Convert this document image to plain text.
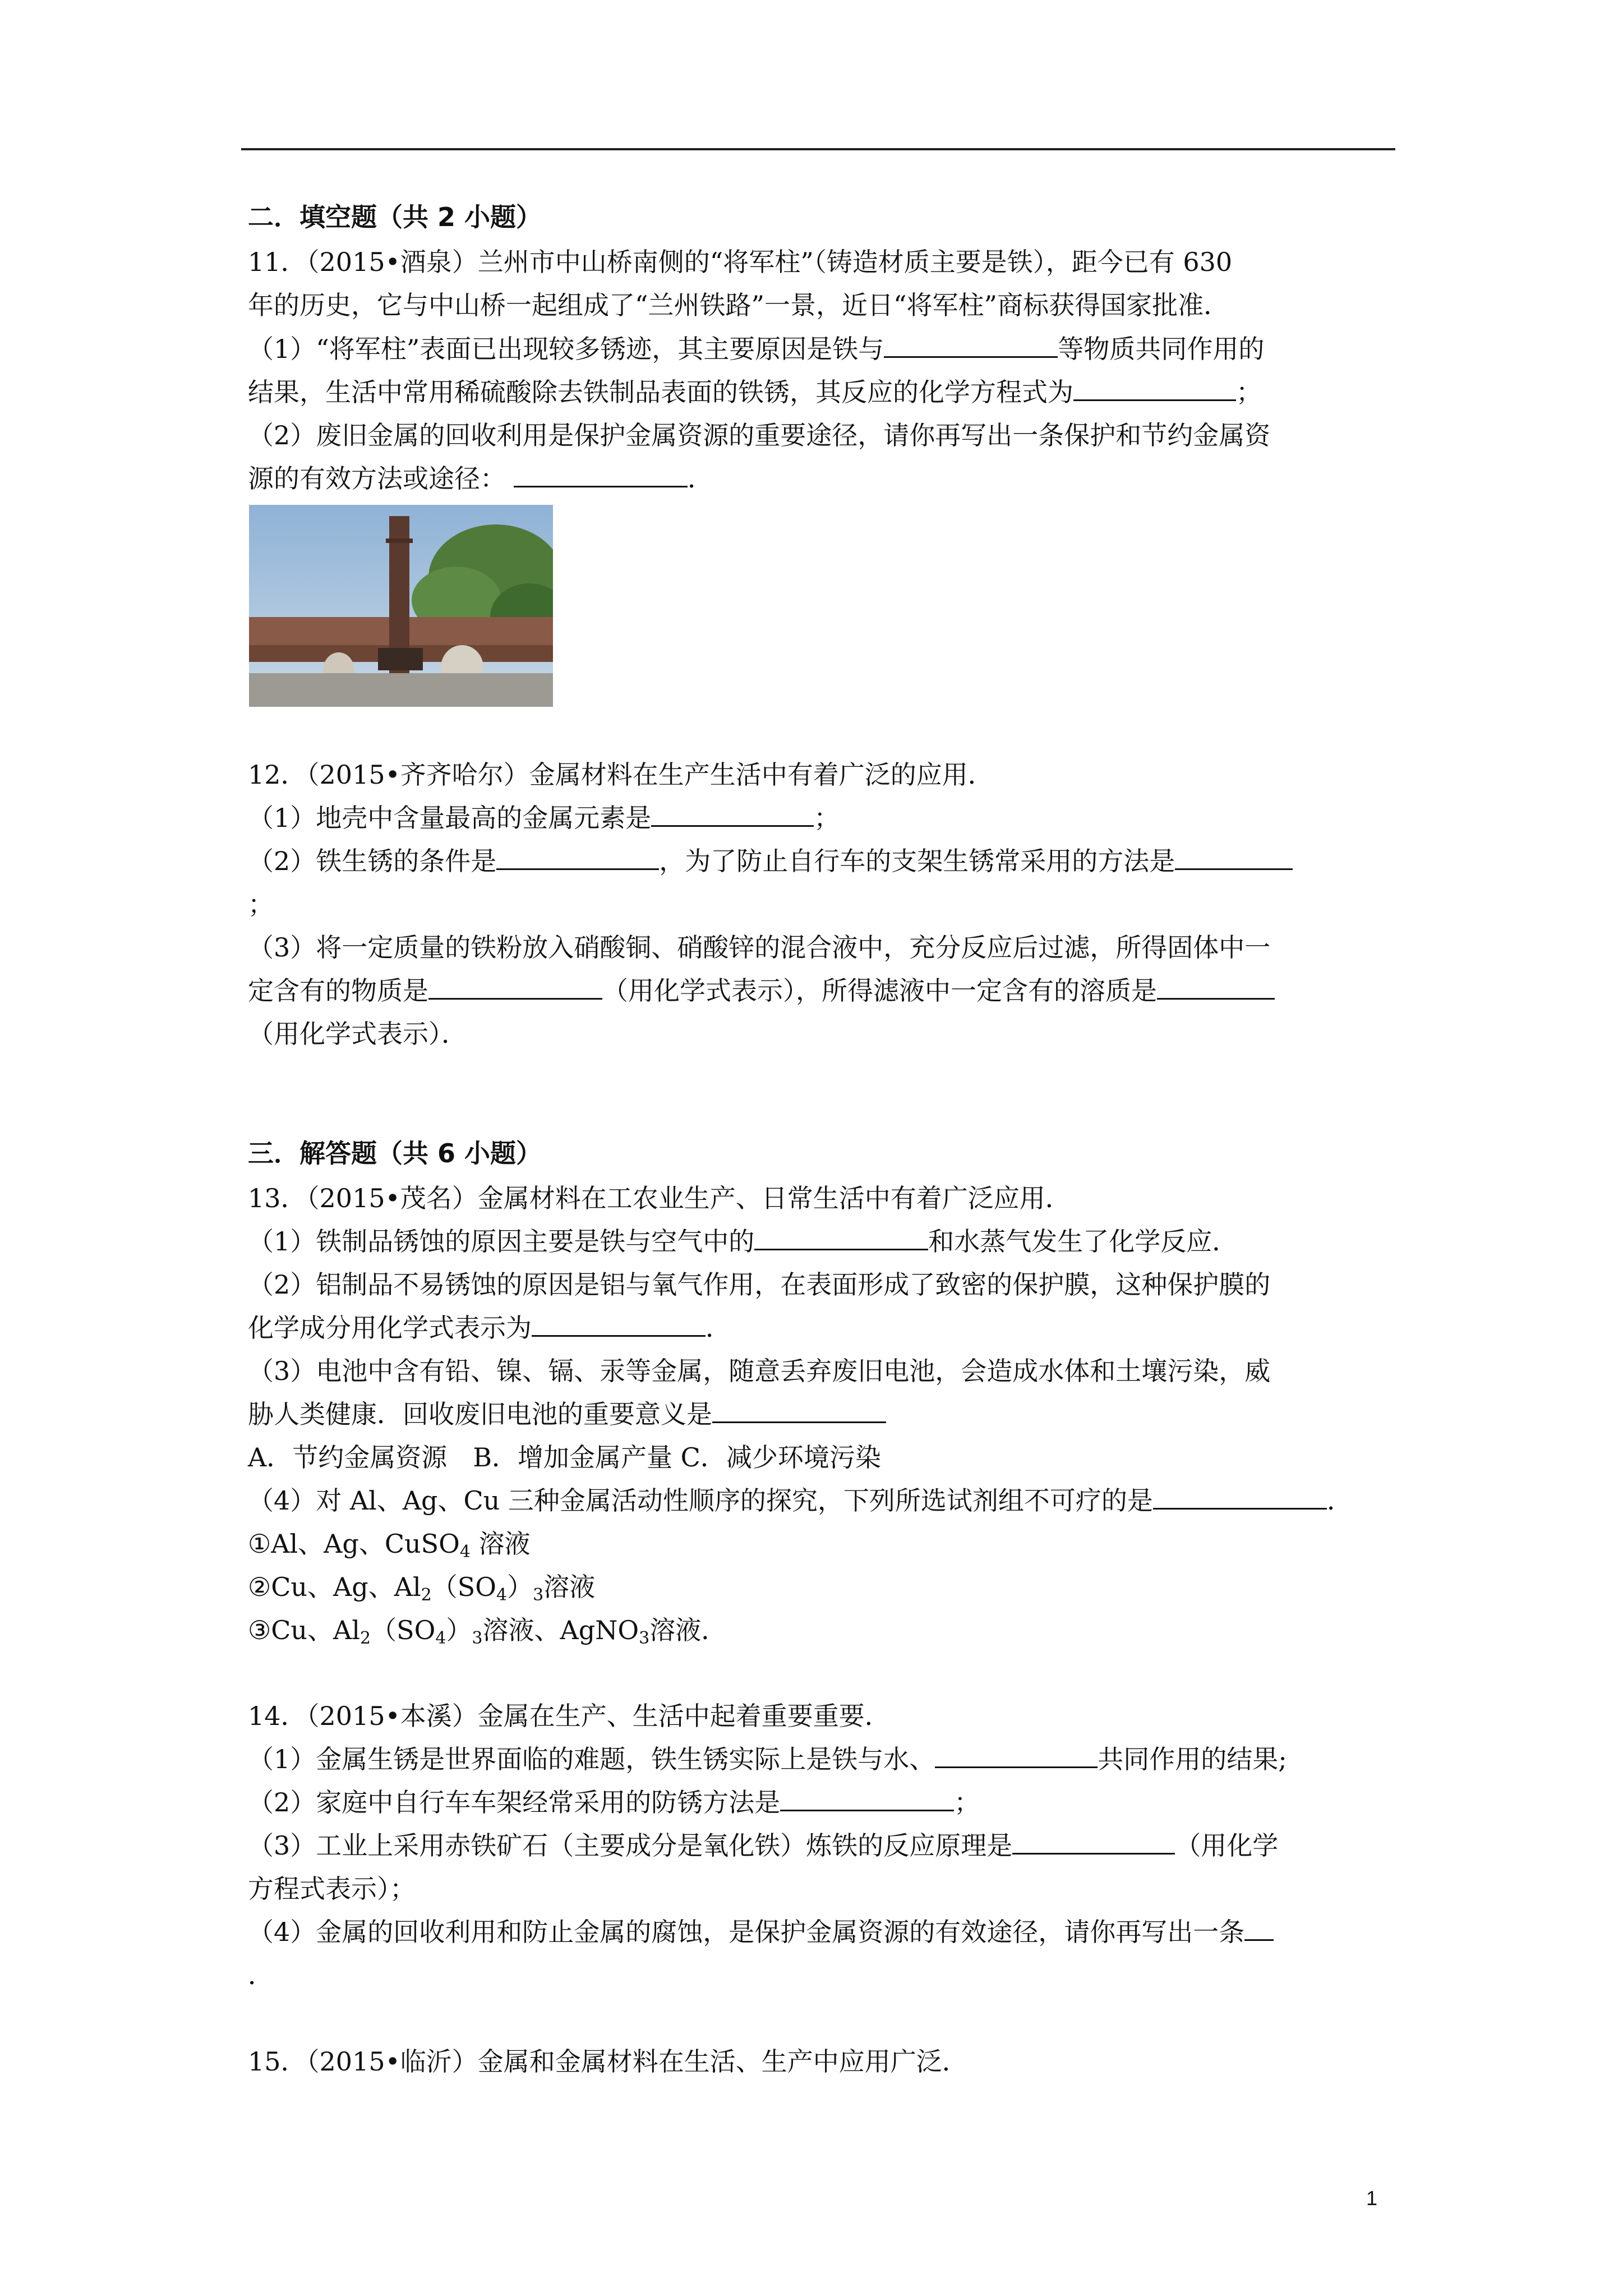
二．填空题（共 2 小题）
11．（2015•酒泉）兰州市中山桥南侧的“将军柱”（铸造材质主要是铁），距今已有 630
年的历史，它与中山桥一起组成了“兰州铁路”一景，近日“将军柱”商标获得国家批准．
（1）“将军柱”表面已出现较多锈迹，其主要原因是铁与	等物质共同作用的
结果，生活中常用稀硫酸除去铁制品表面的铁锈，其反应的化学方程式为	；
（2）废旧金属的回收利用是保护金属资源的重要途径，请你再写出一条保护和节约金属资
源的有效方法或途径：	．
12．（2015•齐齐哈尔）金属材料在生产生活中有着广泛的应用．
（1）地壳中含量最高的金属元素是	；
（2）铁生锈的条件是	，为了防止自行车的支架生锈常采用的方法是
；
（3）将一定质量的铁粉放入硝酸铜、硝酸锌的混合液中，充分反应后过滤，所得固体中一
定含有的物质是	（用化学式表示），所得滤液中一定含有的溶质是
（用化学式表示）．
三．解答题（共 6 小题）
13．（2015•茂名）金属材料在工农业生产、日常生活中有着广泛应用．
（1）铁制品锈蚀的原因主要是铁与空气中的	和水蒸气发生了化学反应．
（2）铝制品不易锈蚀的原因是铝与氧气作用，在表面形成了致密的保护膜，这种保护膜的
化学成分用化学式表示为	．
（3）电池中含有铅、镍、镉、汞等金属，随意丢弃废旧电池，会造成水体和土壤污染，威
胁人类健康．回收废旧电池的重要意义是
A．节约金属资源　B．增加金属产量 C．减少环境污染
（4）对 Al、Ag、Cu 三种金属活动性顺序的探究，下列所选试剂组不可疗的是	．
①Al、Ag、CuSO$_4$ 溶液
②Cu、Ag、$Al_2(SO_4)_3$溶液
③Cu、$Al_2(SO_4)_3$溶液、AgNO$_3$溶液．
14．（2015•本溪）金属在生产、生活中起着重要重要．
（1）金属生锈是世界面临的难题，铁生锈实际上是铁与水、	共同作用的结果;
（2）家庭中自行车车架经常采用的防锈方法是	；
（3）工业上采用赤铁矿石（主要成分是氧化铁）炼铁的反应原理是	（用化学
方程式表示）；
（4）金属的回收利用和防止金属的腐蚀，是保护金属资源的有效途径，请你再写出一条
．
15．（2015•临沂）金属和金属材料在生活、生产中应用广泛．
1
